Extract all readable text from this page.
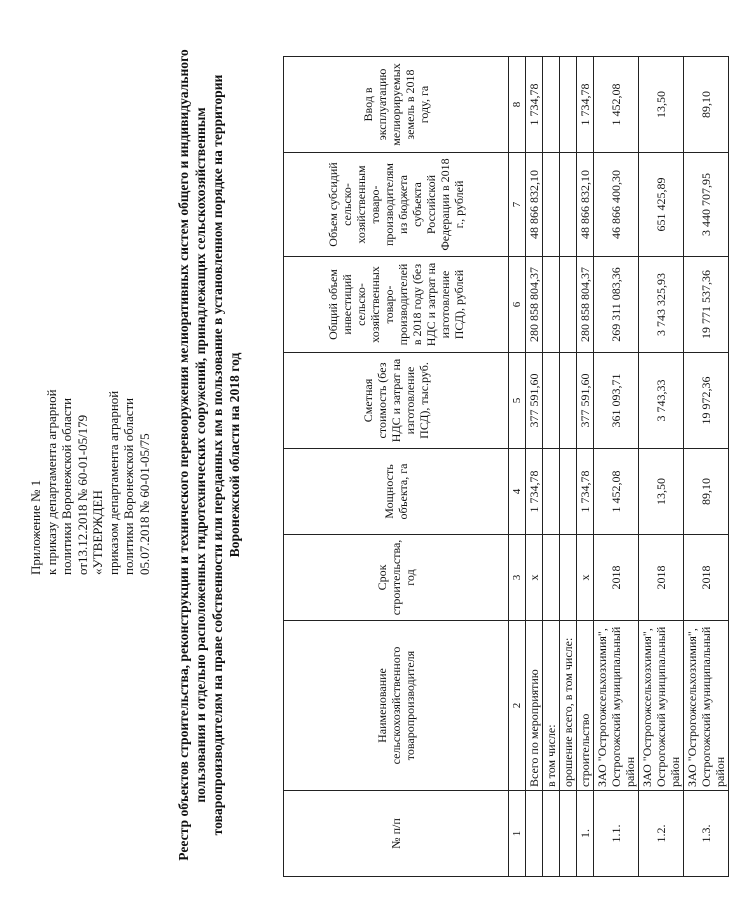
Приложение № 1 к приказу департамента аграрной политики Воронежской области от13.12.2018 № 60-01-05/179 «УТВЕРЖДЕН приказом департамента аграрной политики Воронежской области 05.07.2018 № 60-01-05/75 Реестр объектов строительства, реконструкции и технического перевооружения мелиоративных систем общего и индивидуального пользования и отдельно расположенных гидротехнических сооружений, принадлежащих сельскохозяйственным товаропроизводителям на праве собственности или переданных им в пользование в установленном порядке на территории Воронежской области на 2018 год
№ п/п	Наименование сельскохозяйственного товаропроизводителя	Срок строительства, год	Мощность объекта, га	Сметная стоимость (без НДС и затрат на изготовление ПСД), тыс.руб.	Общий объем инвестиций сельско-хозяйственных товаро-производителей в 2018 году (без НДС и затрат на изготовление ПСД), рублей	Объем субсидий сельско-хозяйственным товаро-производителям из бюджета субъекта Российской Федерации в 2018 г., рублей	Ввод в эксплуатацию мелиорируемых земель в 2018 году, га
1	2	3	4	5	6	7	8
	Всего по мероприятию	х	1 734,78	377 591,60	280 858 804,37	48 866 832,10	1 734,78
	в том числе:						
	орошение всего, в том числе:						
1.	строительство	х	1 734,78	377 591,60	280 858 804,37	48 866 832,10	1 734,78
1.1.	ЗАО "Острогожсельхозхимия", Острогожский муниципальный район	2018	1 452,08	361 093,71	269 311 083,36	46 866 400,30	1 452,08
1.2.	ЗАО "Острогожсельхозхимия", Острогожский муниципальный район	2018	13,50	3 743,33	3 743 325,93	651 425,89	13,50
1.3.	ЗАО "Острогожсельхозхимия", Острогожский муниципальный район	2018	89,10	19 972,36	19 771 537,36	3 440 707,95	89,10
